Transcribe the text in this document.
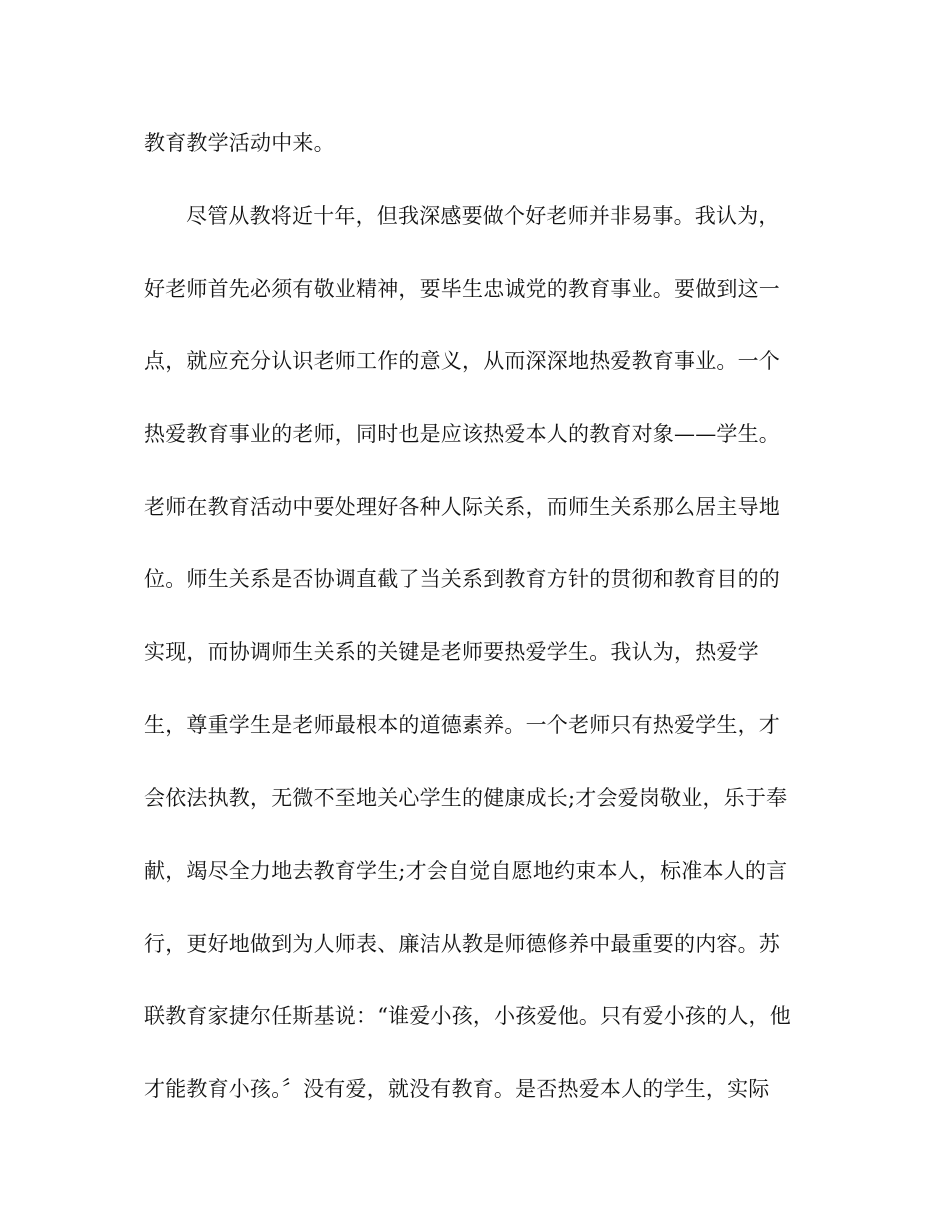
教育教学活动中来。
尽管从教将近十年，但我深感要做个好老师并非易事。我认为，
好老师首先必须有敬业精神，要毕生忠诚党的教育事业。要做到这一
点，就应充分认识老师工作的意义，从而深深地热爱教育事业。一个
热爱教育事业的老师，同时也是应该热爱本人的教育对象——学生。
老师在教育活动中要处理好各种人际关系，而师生关系那么居主导地
位。师生关系是否协调直截了当关系到教育方针的贯彻和教育目的的
实现，而协调师生关系的关键是老师要热爱学生。我认为，热爱学
生，尊重学生是老师最根本的道德素养。一个老师只有热爱学生，才
会依法执教，无微不至地关心学生的健康成长;才会爱岗敬业，乐于奉
献，竭尽全力地去教育学生;才会自觉自愿地约束本人，标准本人的言
行，更好地做到为人师表、廉洁从教是师德修养中最重要的内容。苏
联教育家捷尔任斯基说：“谁爱小孩，小孩爱他。只有爱小孩的人，他
才能教育小孩。〞没有爱，就没有教育。是否热爱本人的学生，实际
